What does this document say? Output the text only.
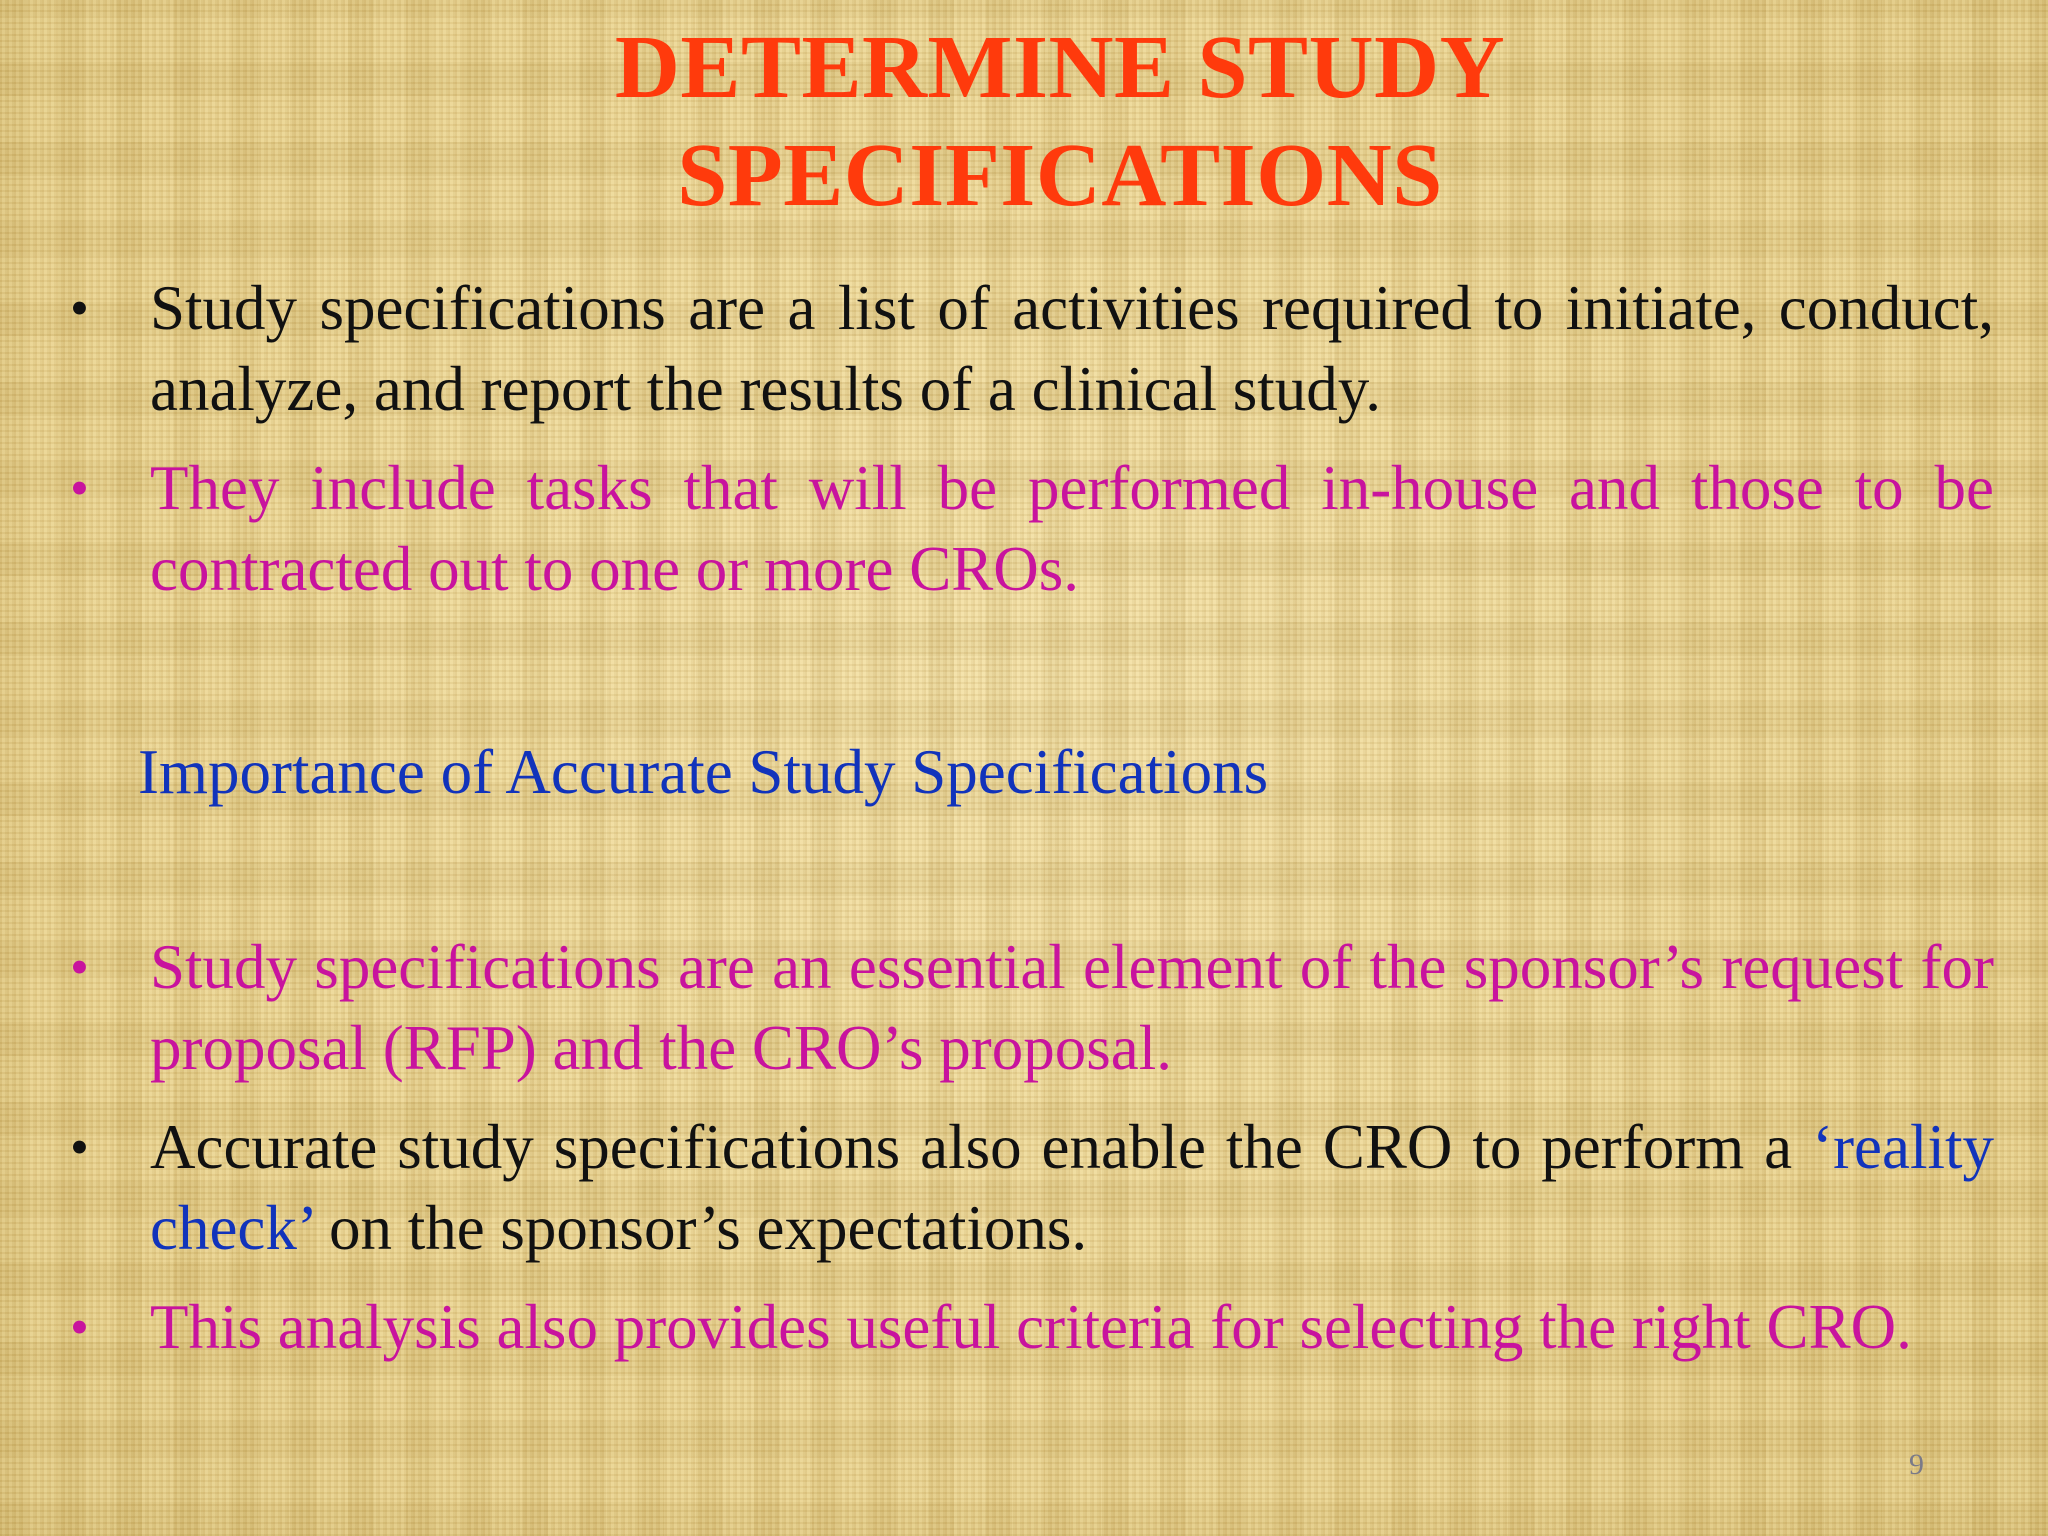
DETERMINE STUDY
SPECIFICATIONS
• Study specifications are a list of activities required to initiate, conduct, analyze, and report the results of a clinical study.
• They include tasks that will be performed in-house and those to be contracted out to one or more CROs.
Importance of Accurate Study Specifications
• Study specifications are an essential element of the sponsor’s request for proposal (RFP) and the CRO’s proposal.
• Accurate study specifications also enable the CRO to perform a ‘reality check’ on the sponsor’s expectations.
• This analysis also provides useful criteria for selecting the right CRO.
9
